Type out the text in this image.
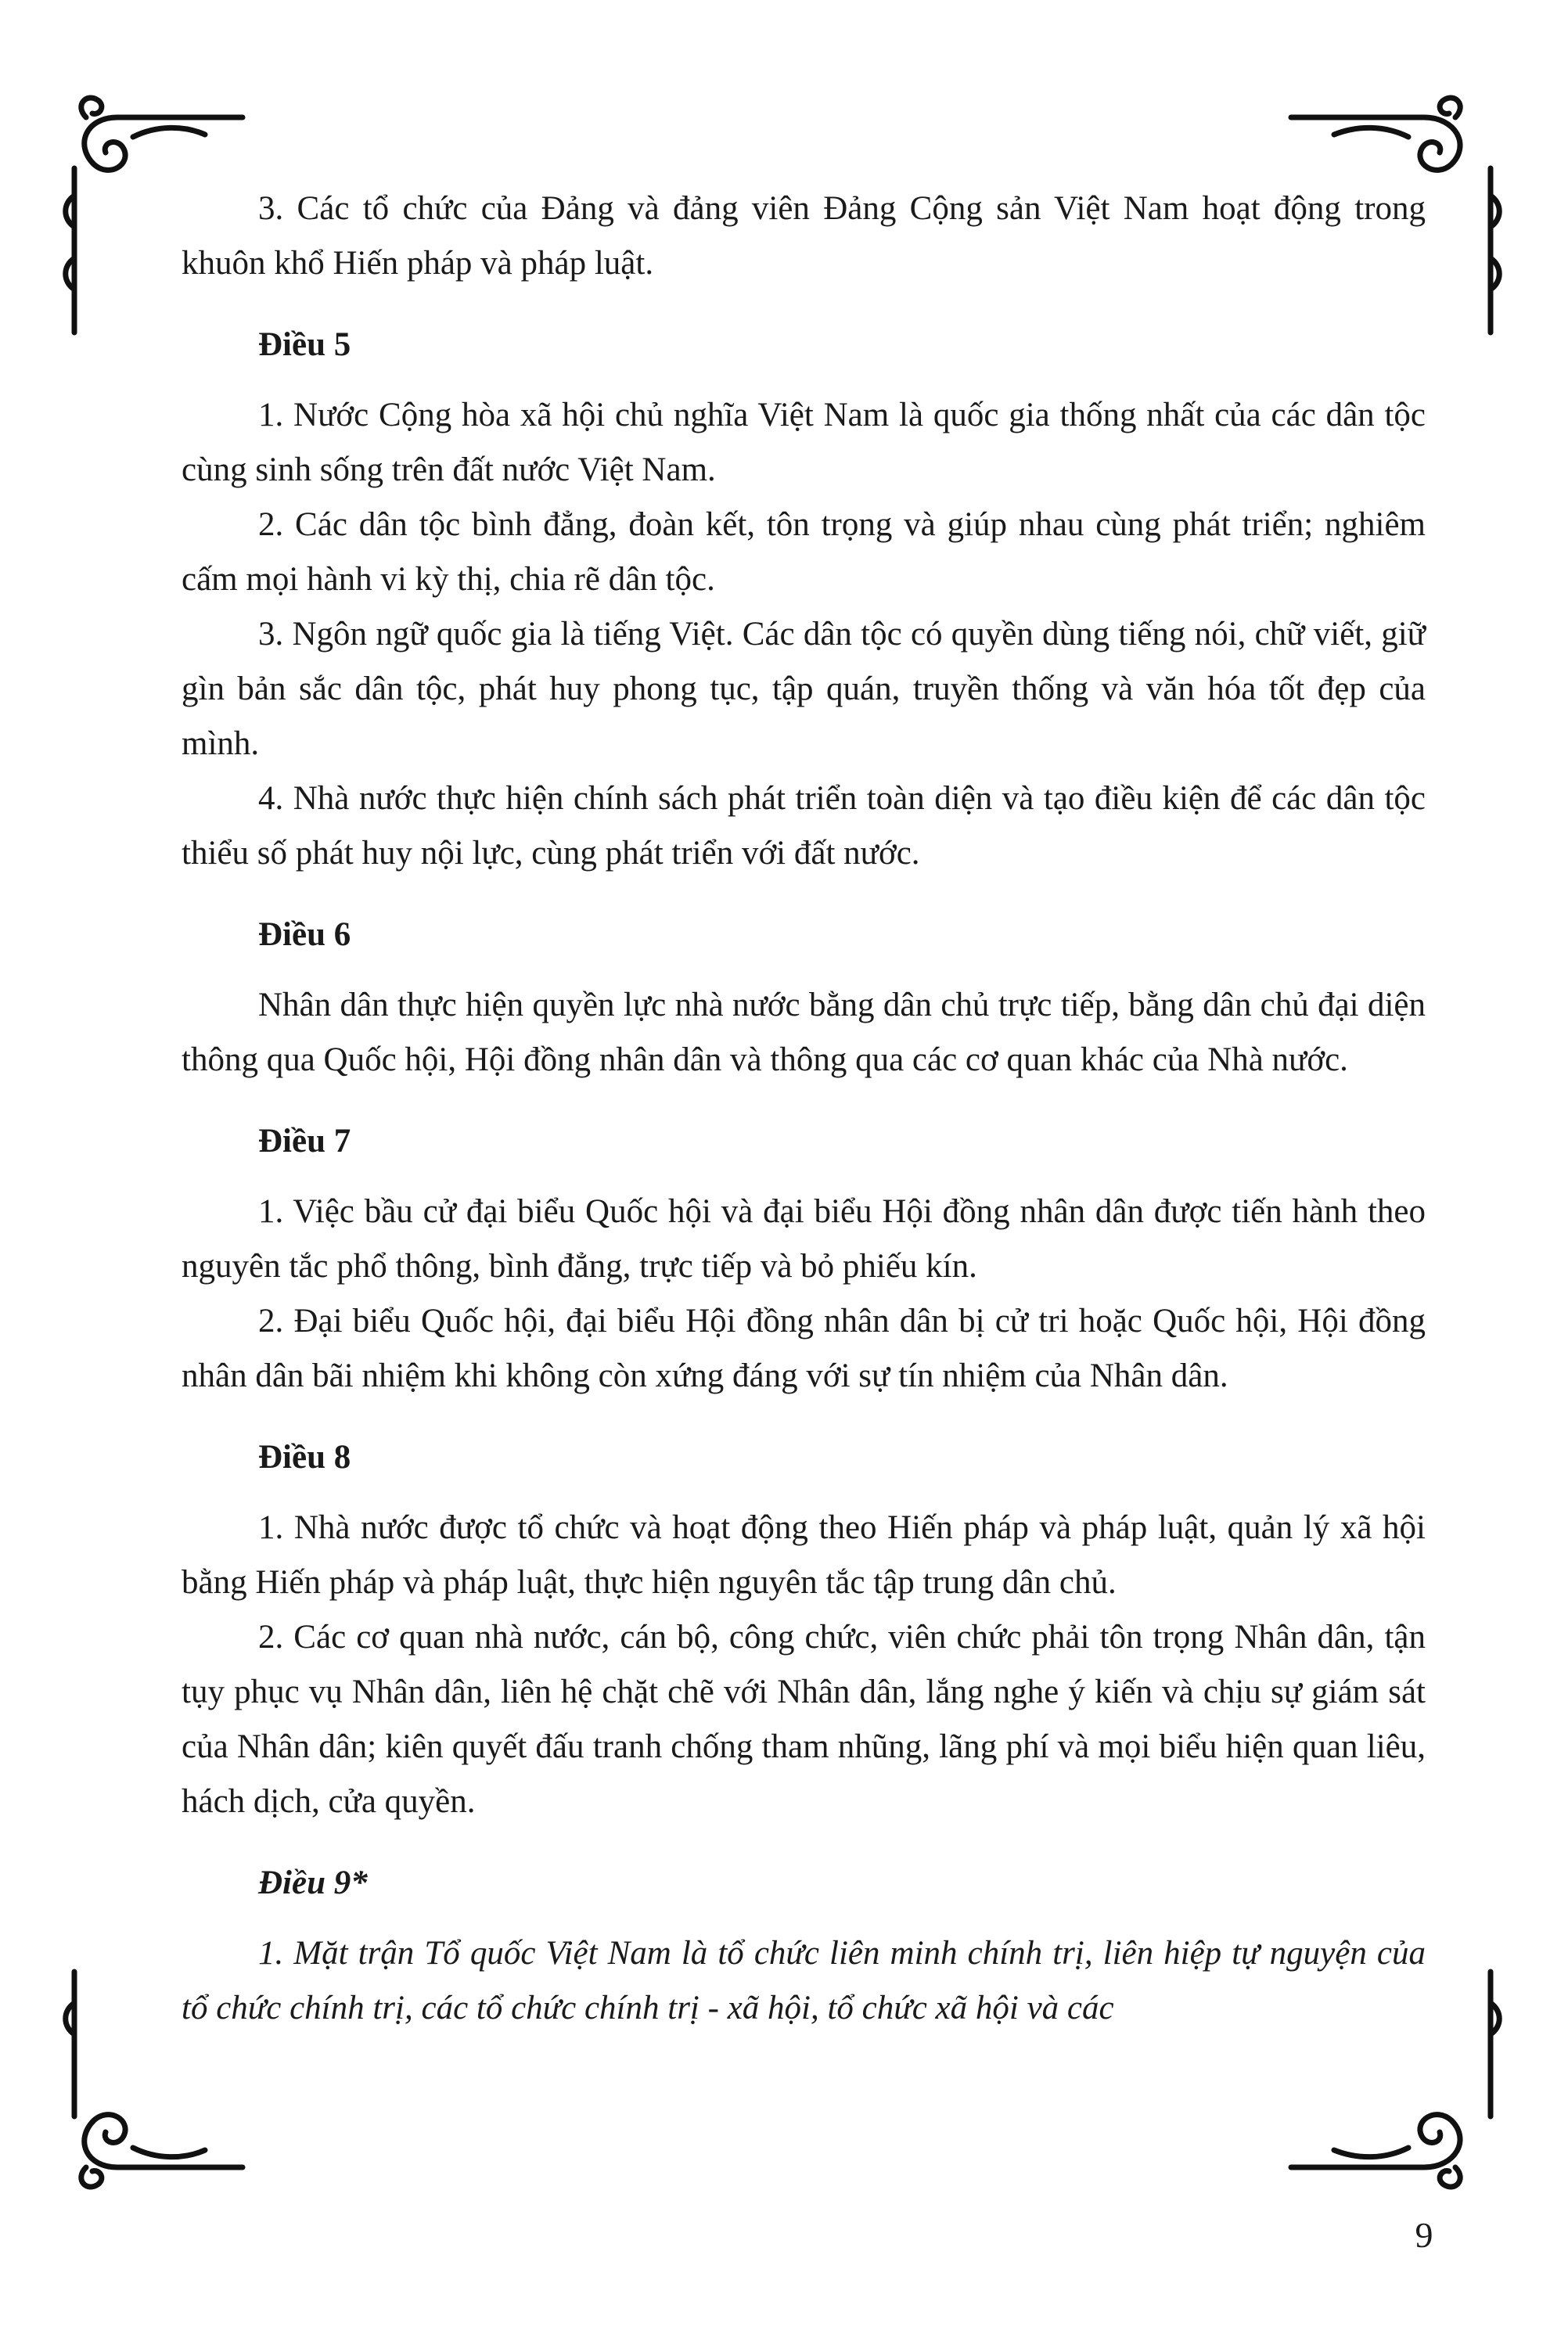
3. Các tổ chức của Đảng và đảng viên Đảng Cộng sản Việt Nam hoạt động trong khuôn khổ Hiến pháp và pháp luật.

Điều 5

1. Nước Cộng hòa xã hội chủ nghĩa Việt Nam là quốc gia thống nhất của các dân tộc cùng sinh sống trên đất nước Việt Nam.

2. Các dân tộc bình đẳng, đoàn kết, tôn trọng và giúp nhau cùng phát triển; nghiêm cấm mọi hành vi kỳ thị, chia rẽ dân tộc.

3. Ngôn ngữ quốc gia là tiếng Việt. Các dân tộc có quyền dùng tiếng nói, chữ viết, giữ gìn bản sắc dân tộc, phát huy phong tục, tập quán, truyền thống và văn hóa tốt đẹp của mình.

4. Nhà nước thực hiện chính sách phát triển toàn diện và tạo điều kiện để các dân tộc thiểu số phát huy nội lực, cùng phát triển với đất nước.

Điều 6

Nhân dân thực hiện quyền lực nhà nước bằng dân chủ trực tiếp, bằng dân chủ đại diện thông qua Quốc hội, Hội đồng nhân dân và thông qua các cơ quan khác của Nhà nước.

Điều 7

1. Việc bầu cử đại biểu Quốc hội và đại biểu Hội đồng nhân dân được tiến hành theo nguyên tắc phổ thông, bình đẳng, trực tiếp và bỏ phiếu kín.

2. Đại biểu Quốc hội, đại biểu Hội đồng nhân dân bị cử tri hoặc Quốc hội, Hội đồng nhân dân bãi nhiệm khi không còn xứng đáng với sự tín nhiệm của Nhân dân.

Điều 8

1. Nhà nước được tổ chức và hoạt động theo Hiến pháp và pháp luật, quản lý xã hội bằng Hiến pháp và pháp luật, thực hiện nguyên tắc tập trung dân chủ.

2. Các cơ quan nhà nước, cán bộ, công chức, viên chức phải tôn trọng Nhân dân, tận tụy phục vụ Nhân dân, liên hệ chặt chẽ với Nhân dân, lắng nghe ý kiến và chịu sự giám sát của Nhân dân; kiên quyết đấu tranh chống tham nhũng, lãng phí và mọi biểu hiện quan liêu, hách dịch, cửa quyền.

Điều 9*

1. Mặt trận Tổ quốc Việt Nam là tổ chức liên minh chính trị, liên hiệp tự nguyện của tổ chức chính trị, các tổ chức chính trị - xã hội, tổ chức xã hội và các

9
